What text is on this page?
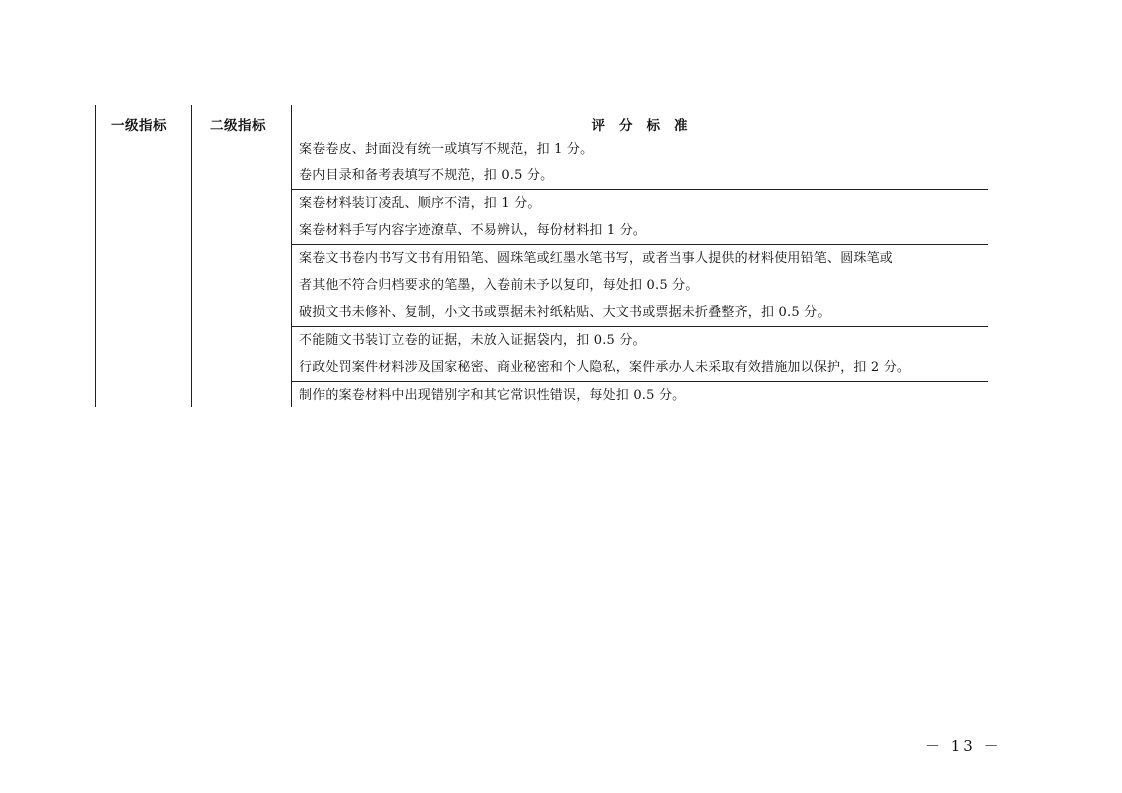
一级指标	二级指标	评分标准
案卷卷皮、封面没有统一或填写不规范，扣 1 分。
卷内目录和备考表填写不规范，扣 0.5 分。
案卷材料装订凌乱、顺序不清，扣 1 分。
案卷材料手写内容字迹潦草、不易辨认，每份材料扣 1 分。
案卷文书卷内书写文书有用铅笔、圆珠笔或红墨水笔书写，或者当事人提供的材料使用铅笔、圆珠笔或
者其他不符合归档要求的笔墨，入卷前未予以复印，每处扣 0.5 分。
破损文书未修补、复制，小文书或票据未衬纸粘贴、大文书或票据未折叠整齐，扣 0.5 分。
不能随文书装订立卷的证据，未放入证据袋内，扣 0.5 分。
行政处罚案件材料涉及国家秘密、商业秘密和个人隐私，案件承办人未采取有效措施加以保护，扣 2 分。
制作的案卷材料中出现错别字和其它常识性错误，每处扣 0.5 分。
－ 13 －
